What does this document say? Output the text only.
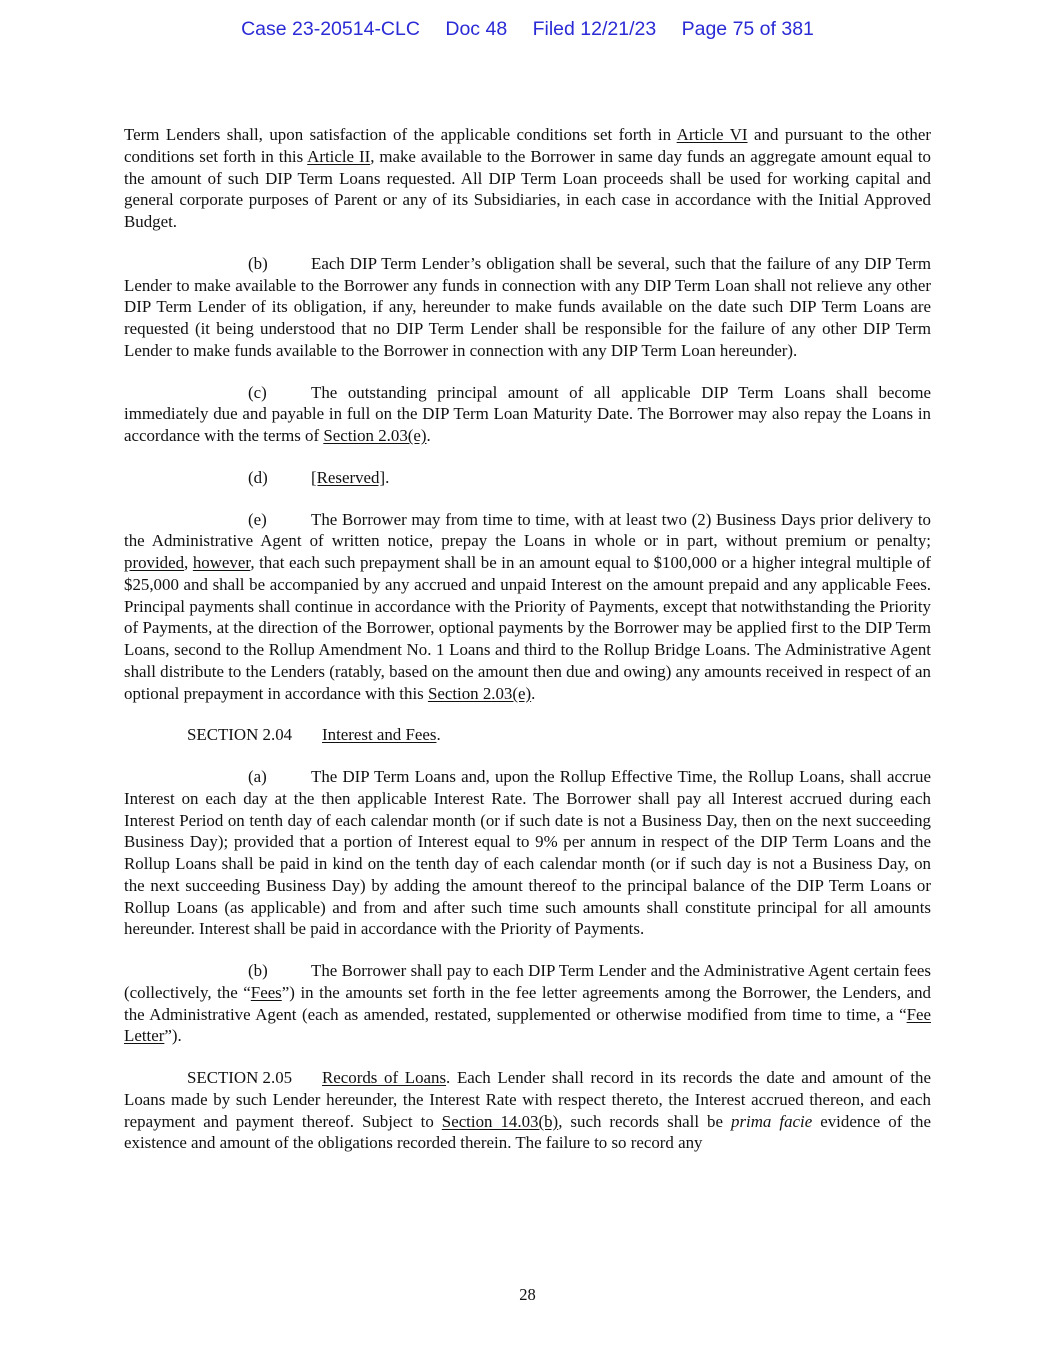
Case 23-20514-CLC Doc 48 Filed 12/21/23 Page 75 of 381

Term Lenders shall, upon satisfaction of the applicable conditions set forth in Article VI and pursuant to the other conditions set forth in this Article II, make available to the Borrower in same day funds an aggregate amount equal to the amount of such DIP Term Loans requested. All DIP Term Loan proceeds shall be used for working capital and general corporate purposes of Parent or any of its Subsidiaries, in each case in accordance with the Initial Approved Budget.

(b)	Each DIP Term Lender’s obligation shall be several, such that the failure of any DIP Term Lender to make available to the Borrower any funds in connection with any DIP Term Loan shall not relieve any other DIP Term Lender of its obligation, if any, hereunder to make funds available on the date such DIP Term Loans are requested (it being understood that no DIP Term Lender shall be responsible for the failure of any other DIP Term Lender to make funds available to the Borrower in connection with any DIP Term Loan hereunder).

(c)	The outstanding principal amount of all applicable DIP Term Loans shall become immediately due and payable in full on the DIP Term Loan Maturity Date. The Borrower may also repay the Loans in accordance with the terms of Section 2.03(e).

(d)	[Reserved].

(e)	The Borrower may from time to time, with at least two (2) Business Days prior delivery to the Administrative Agent of written notice, prepay the Loans in whole or in part, without premium or penalty; provided, however, that each such prepayment shall be in an amount equal to $100,000 or a higher integral multiple of $25,000 and shall be accompanied by any accrued and unpaid Interest on the amount prepaid and any applicable Fees. Principal payments shall continue in accordance with the Priority of Payments, except that notwithstanding the Priority of Payments, at the direction of the Borrower, optional payments by the Borrower may be applied first to the DIP Term Loans, second to the Rollup Amendment No. 1 Loans and third to the Rollup Bridge Loans. The Administrative Agent shall distribute to the Lenders (ratably, based on the amount then due and owing) any amounts received in respect of an optional prepayment in accordance with this Section 2.03(e).

SECTION 2.04 Interest and Fees.

(a)	The DIP Term Loans and, upon the Rollup Effective Time, the Rollup Loans, shall accrue Interest on each day at the then applicable Interest Rate. The Borrower shall pay all Interest accrued during each Interest Period on tenth day of each calendar month (or if such date is not a Business Day, then on the next succeeding Business Day); provided that a portion of Interest equal to 9% per annum in respect of the DIP Term Loans and the Rollup Loans shall be paid in kind on the tenth day of each calendar month (or if such day is not a Business Day, on the next succeeding Business Day) by adding the amount thereof to the principal balance of the DIP Term Loans or Rollup Loans (as applicable) and from and after such time such amounts shall constitute principal for all amounts hereunder. Interest shall be paid in accordance with the Priority of Payments.

(b)	The Borrower shall pay to each DIP Term Lender and the Administrative Agent certain fees (collectively, the “Fees”) in the amounts set forth in the fee letter agreements among the Borrower, the Lenders, and the Administrative Agent (each as amended, restated, supplemented or otherwise modified from time to time, a “Fee Letter”).

SECTION 2.05 Records of Loans. Each Lender shall record in its records the date and amount of the Loans made by such Lender hereunder, the Interest Rate with respect thereto, the Interest accrued thereon, and each repayment and payment thereof. Subject to Section 14.03(b), such records shall be prima facie evidence of the existence and amount of the obligations recorded therein. The failure to so record any

28
